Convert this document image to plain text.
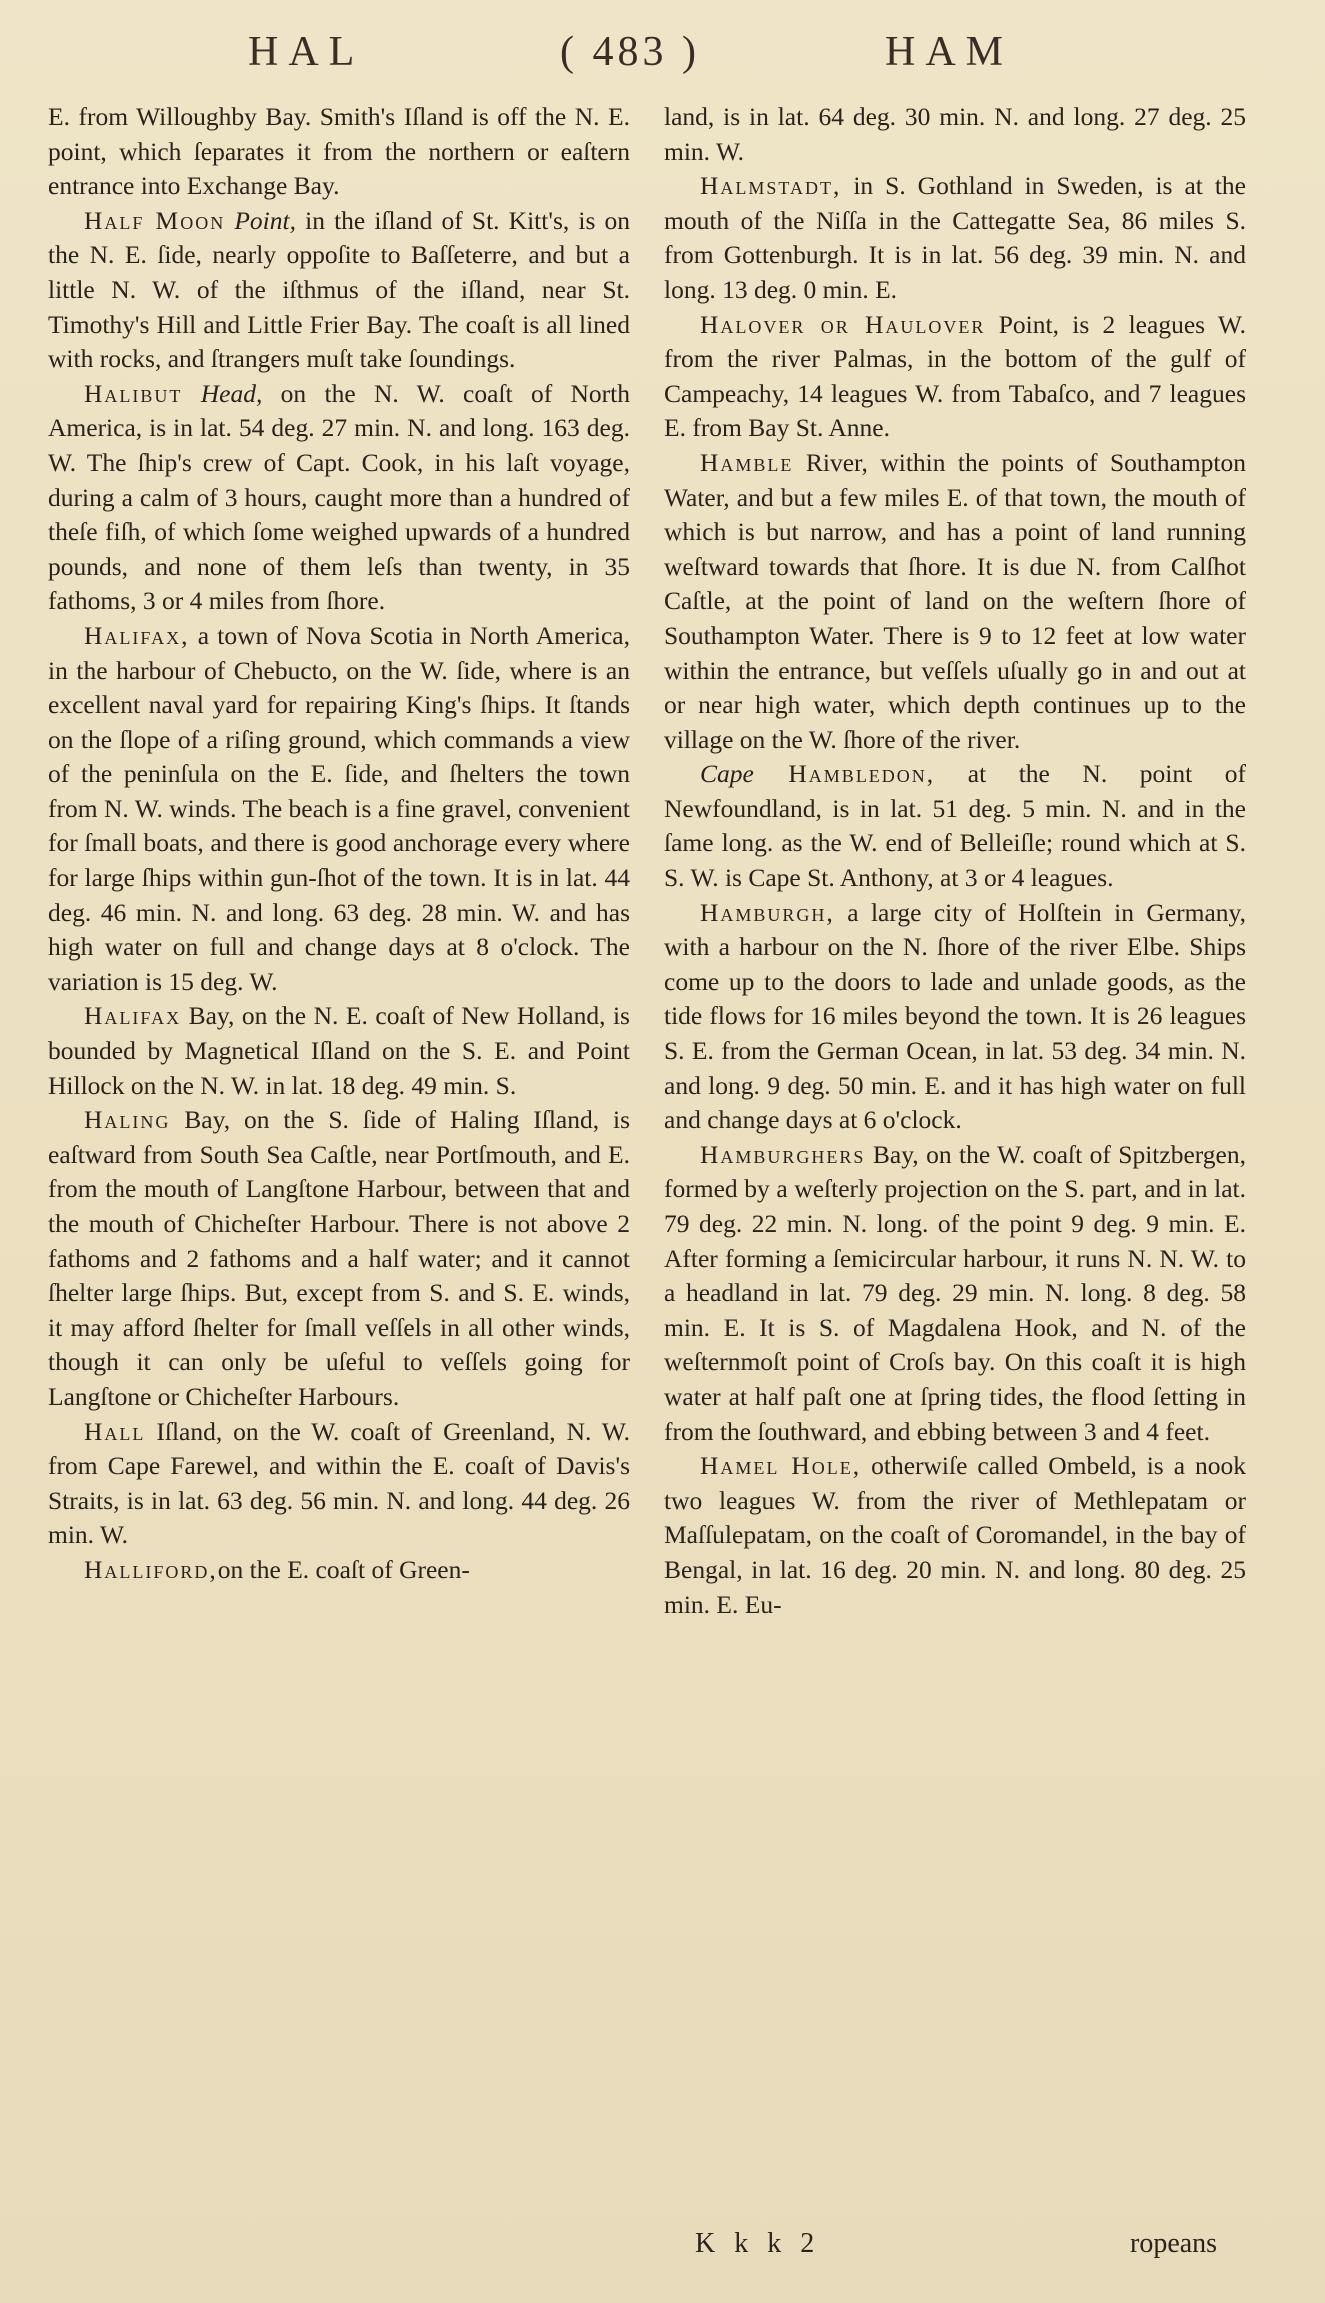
HAL	( 483 )	HAM

E. from Willoughby Bay. Smith's Iſland is off the N. E. point, which ſeparates it from the northern or eaſtern entrance into Exchange Bay.

Half Moon Point, in the iſland of St. Kitt's, is on the N. E. ſide, nearly oppoſite to Baſſeterre, and but a little N. W. of the iſthmus of the iſland, near St. Timothy's Hill and Little Frier Bay. The coaſt is all lined with rocks, and ſtrangers muſt take ſoundings.

Halibut Head, on the N. W. coaſt of North America, is in lat. 54 deg. 27 min. N. and long. 163 deg. W. The ſhip's crew of Capt. Cook, in his laſt voyage, during a calm of 3 hours, caught more than a hundred of theſe fiſh, of which ſome weighed upwards of a hundred pounds, and none of them leſs than twenty, in 35 fathoms, 3 or 4 miles from ſhore.

Halifax, a town of Nova Scotia in North America, in the harbour of Chebucto, on the W. ſide, where is an excellent naval yard for repairing King's ſhips. It ſtands on the ſlope of a riſing ground, which commands a view of the peninſula on the E. ſide, and ſhelters the town from N. W. winds. The beach is a fine gravel, convenient for ſmall boats, and there is good anchorage every where for large ſhips within gun-ſhot of the town. It is in lat. 44 deg. 46 min. N. and long. 63 deg. 28 min. W. and has high water on full and change days at 8 o'clock. The variation is 15 deg. W.

Halifax Bay, on the N. E. coaſt of New Holland, is bounded by Magnetical Iſland on the S. E. and Point Hillock on the N. W. in lat. 18 deg. 49 min. S.

Haling Bay, on the S. ſide of Haling Iſland, is eaſtward from South Sea Caſtle, near Portſmouth, and E. from the mouth of Langſtone Harbour, between that and the mouth of Chicheſter Harbour. There is not above 2 fathoms and 2 fathoms and a half water; and it cannot ſhelter large ſhips. But, except from S. and S. E. winds, it may afford ſhelter for ſmall veſſels in all other winds, though it can only be uſeful to veſſels going for Langſtone or Chicheſter Harbours.

Hall Iſland, on the W. coaſt of Greenland, N. W. from Cape Farewel, and within the E. coaſt of Davis's Straits, is in lat. 63 deg. 56 min. N. and long. 44 deg. 26 min. W.

Halliford,on the E. coaſt of Green-

land, is in lat. 64 deg. 30 min. N. and long. 27 deg. 25 min. W.

Halmstadt, in S. Gothland in Sweden, is at the mouth of the Niſſa in the Cattegatte Sea, 86 miles S. from Gottenburgh. It is in lat. 56 deg. 39 min. N. and long. 13 deg. 0 min. E.

Halover or Haulover Point, is 2 leagues W. from the river Palmas, in the bottom of the gulf of Campeachy, 14 leagues W. from Tabaſco, and 7 leagues E. from Bay St. Anne.

Hamble River, within the points of Southampton Water, and but a few miles E. of that town, the mouth of which is but narrow, and has a point of land running weſtward towards that ſhore. It is due N. from Calſhot Caſtle, at the point of land on the weſtern ſhore of Southampton Water. There is 9 to 12 feet at low water within the entrance, but veſſels uſually go in and out at or near high water, which depth continues up to the village on the W. ſhore of the river.

Cape Hambledon, at the N. point of Newfoundland, is in lat. 51 deg. 5 min. N. and in the ſame long. as the W. end of Belleiſle; round which at S. S. W. is Cape St. Anthony, at 3 or 4 leagues.

Hamburgh, a large city of Holſtein in Germany, with a harbour on the N. ſhore of the river Elbe. Ships come up to the doors to lade and unlade goods, as the tide flows for 16 miles beyond the town. It is 26 leagues S. E. from the German Ocean, in lat. 53 deg. 34 min. N. and long. 9 deg. 50 min. E. and it has high water on full and change days at 6 o'clock.

Hamburghers Bay, on the W. coaſt of Spitzbergen, formed by a weſterly projection on the S. part, and in lat. 79 deg. 22 min. N. long. of the point 9 deg. 9 min. E. After forming a ſemicircular harbour, it runs N. N. W. to a headland in lat. 79 deg. 29 min. N. long. 8 deg. 58 min. E. It is S. of Magdalena Hook, and N. of the weſternmoſt point of Croſs bay. On this coaſt it is high water at half paſt one at ſpring tides, the flood ſetting in from the ſouthward, and ebbing between 3 and 4 feet.

Hamel Hole, otherwiſe called Ombeld, is a nook two leagues W. from the river of Methlepatam or Maſſulepatam, on the coaſt of Coromandel, in the bay of Bengal, in lat. 16 deg. 20 min. N. and long. 80 deg. 25 min. E. Eu-

K k k 2	ropeans
